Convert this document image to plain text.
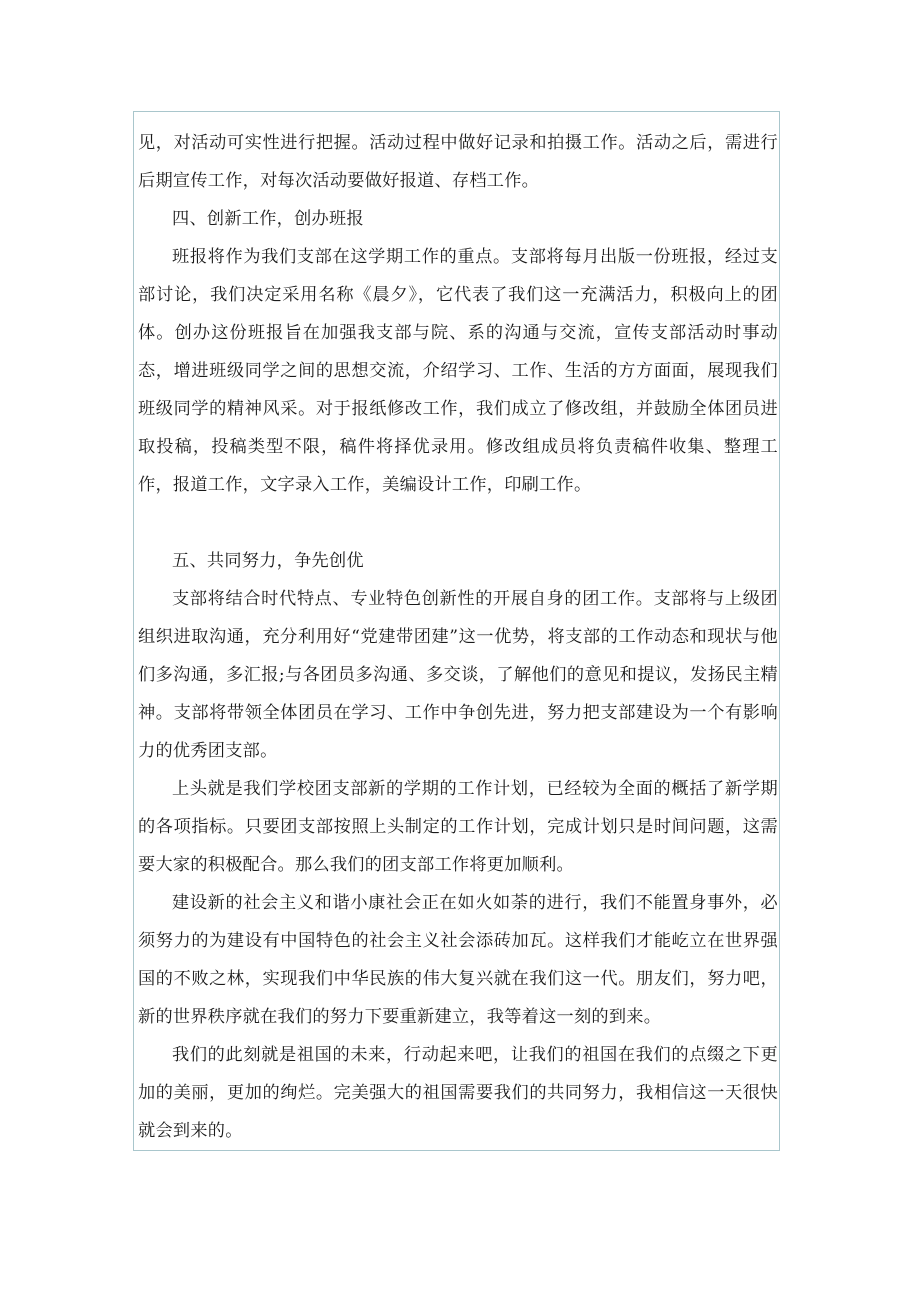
见，对活动可实性进行把握。活动过程中做好记录和拍摄工作。活动之后，需进行后期宣传工作，对每次活动要做好报道、存档工作。

四、创新工作，创办班报

班报将作为我们支部在这学期工作的重点。支部将每月出版一份班报，经过支部讨论，我们决定采用名称《晨夕》，它代表了我们这一充满活力，积极向上的团体。创办这份班报旨在加强我支部与院、系的沟通与交流，宣传支部活动时事动态，增进班级同学之间的思想交流，介绍学习、工作、生活的方方面面，展现我们班级同学的精神风采。对于报纸修改工作，我们成立了修改组，并鼓励全体团员进取投稿，投稿类型不限，稿件将择优录用。修改组成员将负责稿件收集、整理工作，报道工作，文字录入工作，美编设计工作，印刷工作。

五、共同努力，争先创优

支部将结合时代特点、专业特色创新性的开展自身的团工作。支部将与上级团组织进取沟通，充分利用好“党建带团建”这一优势，将支部的工作动态和现状与他们多沟通，多汇报;与各团员多沟通、多交谈，了解他们的意见和提议，发扬民主精神。支部将带领全体团员在学习、工作中争创先进，努力把支部建设为一个有影响力的优秀团支部。

上头就是我们学校团支部新的学期的工作计划，已经较为全面的概括了新学期的各项指标。只要团支部按照上头制定的工作计划，完成计划只是时间问题，这需要大家的积极配合。那么我们的团支部工作将更加顺利。

建设新的社会主义和谐小康社会正在如火如荼的进行，我们不能置身事外，必须努力的为建设有中国特色的社会主义社会添砖加瓦。这样我们才能屹立在世界强国的不败之林，实现我们中华民族的伟大复兴就在我们这一代。朋友们，努力吧，新的世界秩序就在我们的努力下要重新建立，我等着这一刻的到来。

我们的此刻就是祖国的未来，行动起来吧，让我们的祖国在我们的点缀之下更加的美丽，更加的绚烂。完美强大的祖国需要我们的共同努力，我相信这一天很快就会到来的。
